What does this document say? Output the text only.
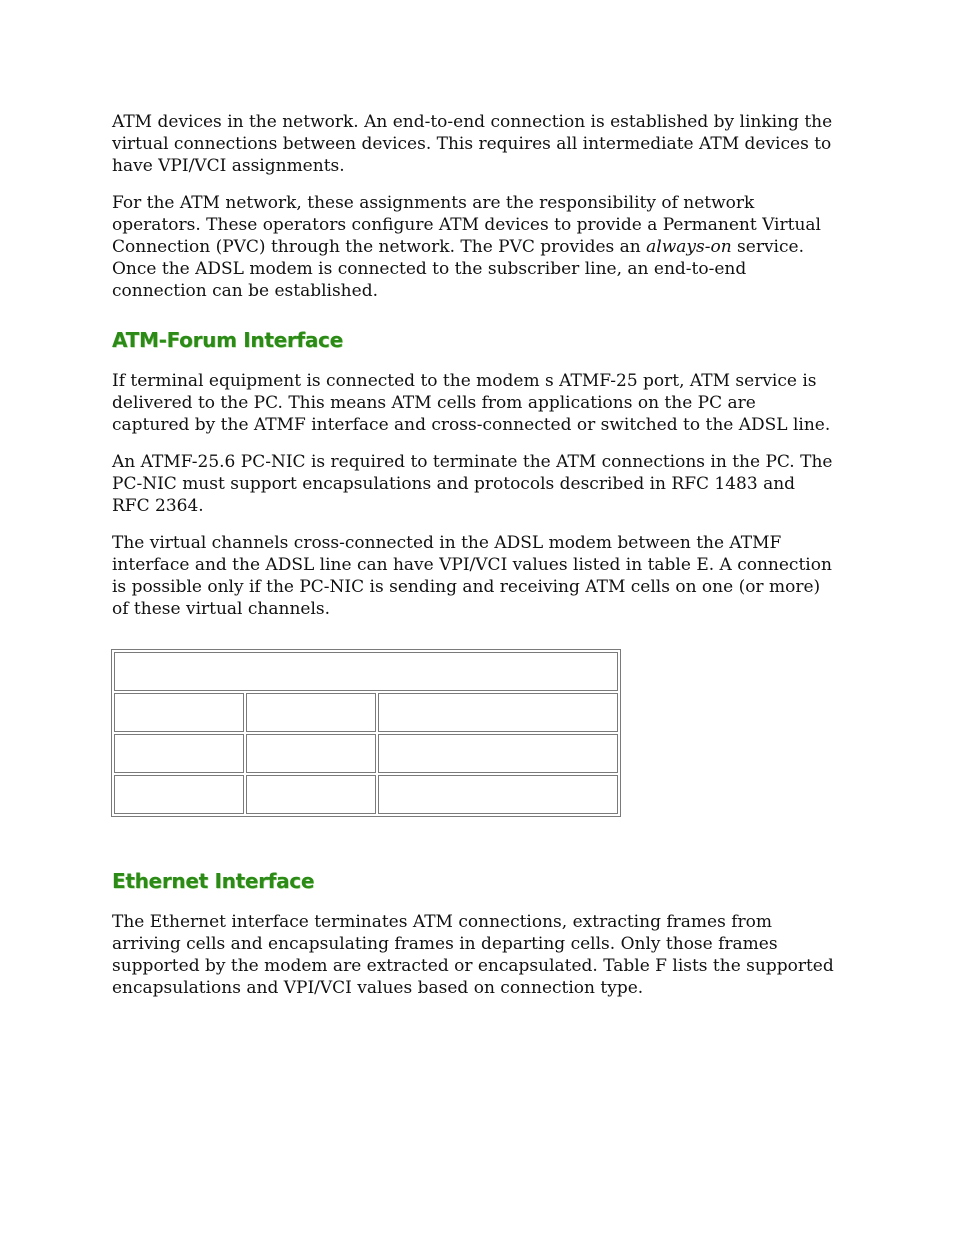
ATM devices in the network. An end-to-end connection is established by linking the virtual connections between devices. This requires all intermediate ATM devices to have VPI/VCI assignments.

For the ATM network, these assignments are the responsibility of network operators. These operators configure ATM devices to provide a Permanent Virtual Connection (PVC) through the network. The PVC provides an always-on service. Once the ADSL modem is connected to the subscriber line, an end-to-end connection can be established.

ATM-Forum Interface

If terminal equipment is connected to the modem s ATMF-25 port, ATM service is delivered to the PC. This means ATM cells from applications on the PC are captured by the ATMF interface and cross-connected or switched to the ADSL line.

An ATMF-25.6 PC-NIC is required to terminate the ATM connections in the PC. The PC-NIC must support encapsulations and protocols described in RFC 1483 and RFC 2364.

The virtual channels cross-connected in the ADSL modem between the ATMF interface and the ADSL line can have VPI/VCI values listed in table E. A connection is possible only if the PC-NIC is sending and receiving ATM cells on one (or more) of these virtual channels.

Ethernet Interface

The Ethernet interface terminates ATM connections, extracting frames from arriving cells and encapsulating frames in departing cells. Only those frames supported by the modem are extracted or encapsulated. Table F lists the supported encapsulations and VPI/VCI values based on connection type.
